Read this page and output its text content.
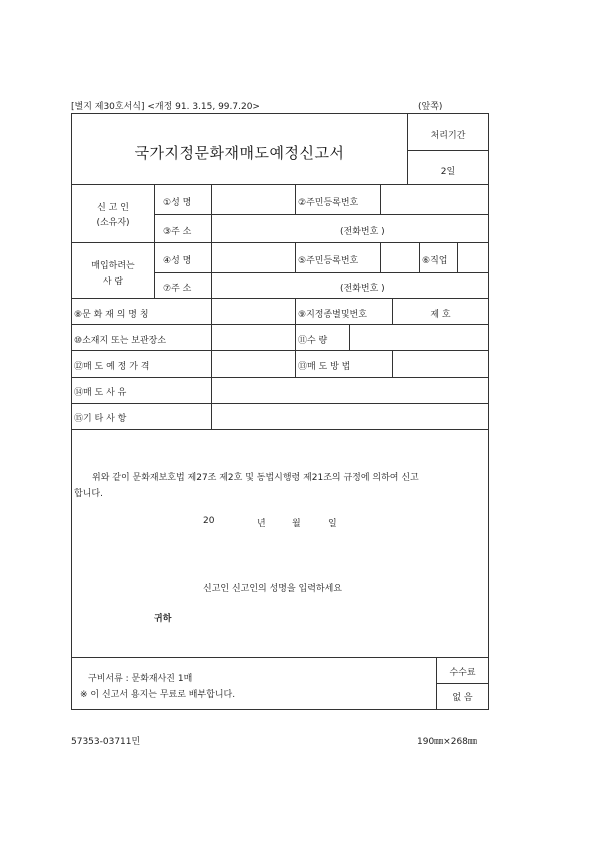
[별지 제30호서식] <개정 91. 3.15, 99.7.20>	(앞쪽)
국가지정문화재매도예정신고서
처리기간
2일
신 고 인
(소유자)
①성 명	②주민등록번호
③주 소	(전화번호 )
매입하려는
사 람
④성 명	⑤주민등록번호	⑥직업
⑦주 소	(전화번호 )
⑧문 화 재 의 명 칭	⑨지정종별및번호	제 호
⑩소재지 또는 보관장소	⑪수 량
⑫매 도 예 정 가 격	⑬매 도 방 법
⑭매 도 사 유
⑮기 타 사 항
위와 같이 문화재보호법 제27조 제2호 및 동법시행령 제21조의 규정에 의하여 신고
합니다.
20	년	월	일
신고인 신고인의 성명을 입력하세요
귀하
구비서류 : 문화재사진 1매
※ 이 신고서 용지는 무료로 배부합니다.
수수료
없 음
57353-03711민	190㎜×268㎜
